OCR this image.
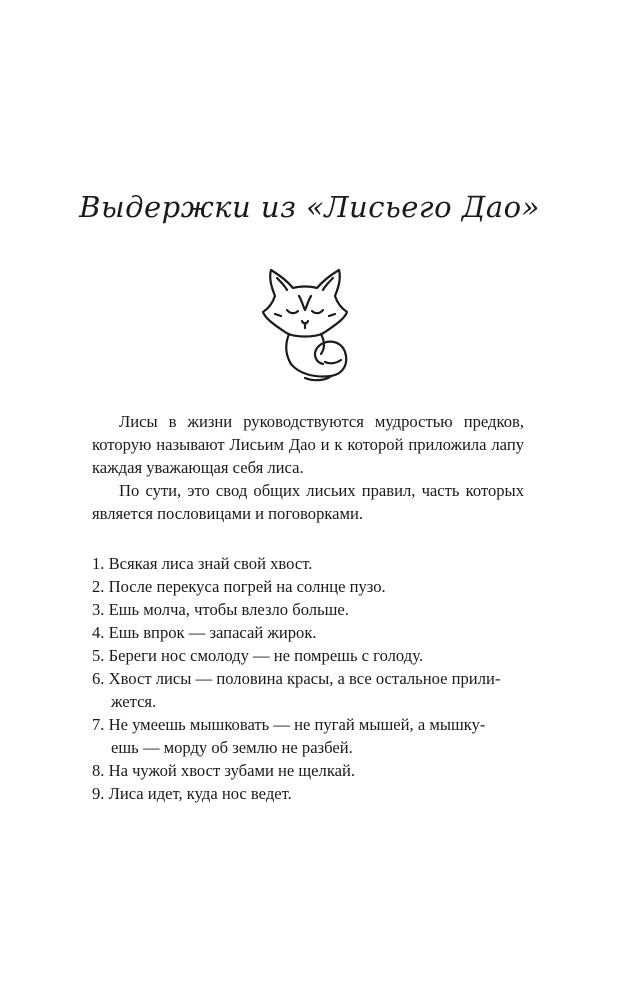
Выдержки из «Лисьего Дао»

Лисы в жизни руководствуются мудростью предков, которую называют Лисьим Дао и к которой приложила лапу каждая уважающая себя лиса.

По сути, это свод общих лисьих правил, часть которых является пословицами и поговорками.

1. Всякая лиса знай свой хвост.
2. После перекуса погрей на солнце пузо.
3. Ешь молча, чтобы влезло больше.
4. Ешь впрок — запасай жирок.
5. Береги нос смолоду — не помрешь с голоду.
6. Хвост лисы — половина красы, а все остальное прили-
жется.
7. Не умеешь мышковать — не пугай мышей, а мышку-
ешь — морду об землю не разбей.
8. На чужой хвост зубами не щелкай.
9. Лиса идет, куда нос ведет.
